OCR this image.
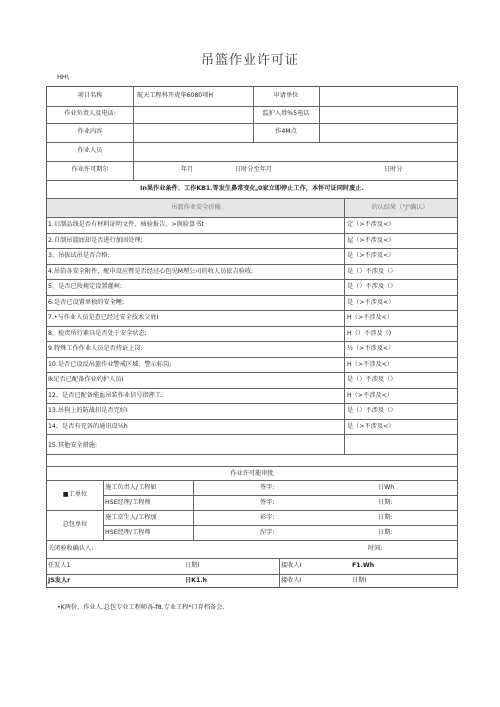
吊篮作业许可证
HH\
项目名称	航天工程科开虎华6080项H	申请单位
作业负责人及电话:	监护人姓%5电话
作业内容	作4M点
作业人员
作业许可期尔	年月	日时分至年月	日时分
In果作业条件、工作KB1.等发生鼻常变化,0家立即停止工作，本怀可证同时废止.
吊篮作业安全折桶	的认结果（"J"确认）
1.启制品线是否有材料证明文件、核验报告、>换脸算书t	定（>不涉及<）
2.自制吊篮底却是否进行加固处理;	屋（>不涉及<）
3、吊拔试吊是否合格:	是（>不涉及<）
4.吊箔各安全附件、配申设应暨是否经过心包见M理公司的收人员依吉验收:	是（）不涉及（）
5、是否已按规定设置灌柯:	是（）不涉及（）
6.是否已设置单独的安全鲤;	是（>不涉及<）
7.•与作业人员是查已经过安全技术父底I	H（>不涉及<）
8、检责所行素具是否处于安全状态;	H（）不涉及（)
9.特殊工作作业人员是否持证上岗:	½（>不涉及<）
10.是否已设反吊篮作业警戒区域、警示标岗;	H（>不涉及<）
Ik足否已配备作业妁护人员I	是（）不涉及（）
12、是否已配备能血吊装作业信号指挥工:	H（>不涉及<）
13.吊狗上的防战扣是否完好I	是（）不涉及（）
14、是否有充各的通讯设¼h	是（>不涉及<）
15.其他安全措施:
作业许可能审批
■工单位
施工负责人/工程如	签字:	日Wh
HSE经理/工程师	签字:	日期:
总包单位
施工京生人/工程加	彩字:	日期:
HSE经理/工程师	涅字:	日期:
关闭验收确认人:	时间:
任发人1	日期I	接收人I	F1.Wh
JS发人r	日K1.h	接收人I	日期I
•K两份，作业人.总包专业工程师各-f8.专业工程*口存档备会.
